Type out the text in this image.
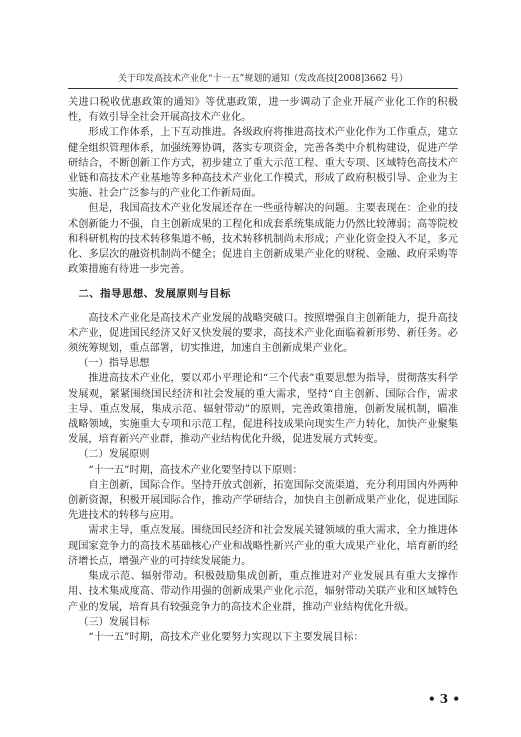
关于印发高技术产业化“十一五”规划的通知（发改高技[2008]3662 号）

关进口税收优惠政策的通知》等优惠政策，进一步调动了企业开展产业化工作的积极性，有效引导全社会开展高技术产业化。

形成工作体系，上下互动推进。各级政府将推进高技术产业化作为工作重点，建立健全组织管理体系，加强统筹协调，落实专项资金，完善各类中介机构建设，促进产学研结合，不断创新工作方式，初步建立了重大示范工程、重大专项、区域特色高技术产业链和高技术产业基地等多种高技术产业化工作模式，形成了政府积极引导、企业为主实施、社会广泛参与的产业化工作新局面。

但是，我国高技术产业化发展还存在一些亟待解决的问题。主要表现在：企业的技术创新能力不强，自主创新成果的工程化和成套系统集成能力仍然比较薄弱；高等院校和科研机构的技术转移集道不畅，技术转移机制尚未形成；产业化资金投入不足，多元化、多层次的融资机制尚不健全；促进自主创新成果产业化的财税、金融、政府采购等政策措施有待进一步完善。

二、指导思想、发展原则与目标

高技术产业化是高技术产业发展的战略突破口。按照增强自主创新能力，提升高技术产业，促进国民经济又好又快发展的要求，高技术产业化面临着新形势、新任务。必须统筹规划，重点部署，切实推进，加速自主创新成果产业化。

（一）指导思想

推进高技术产业化，要以邓小平理论和“三个代表”重要思想为指导，贯彻落实科学发展观，紧紧围绕国民经济和社会发展的重大需求，坚持“自主创新、国际合作，需求主导、重点发展，集成示范、辐射带动”的原则，完善政策措施，创新发展机制，瞄准战略领域，实施重大专项和示范工程，促进科技成果向现实生产力转化，加快产业聚集发展，培育新兴产业群，推动产业结构优化升级，促进发展方式转变。

（二）发展原则

“十一五”时期，高技术产业化要坚持以下原则：

自主创新，国际合作。坚持开放式创新，拓宽国际交流渠道，充分利用国内外两种创新资源，积极开展国际合作，推动产学研结合，加快自主创新成果产业化，促进国际先进技术的转移与应用。

需求主导，重点发展。围绕国民经济和社会发展关键领域的重大需求，全力推进体现国家竞争力的高技术基础核心产业和战略性新兴产业的重大成果产业化，培育新的经济增长点，增强产业的可持续发展能力。

集成示范、辐射带动。积极鼓励集成创新，重点推进对产业发展具有重大支撑作用、技术集成度高、带动作用强的创新成果产业化示范，辐射带动关联产业和区域特色产业的发展，培育具有较强竞争力的高技术企业群，推动产业结构优化升级。

（三）发展目标

“十一五”时期，高技术产业化要努力实现以下主要发展目标：

• 3 •
